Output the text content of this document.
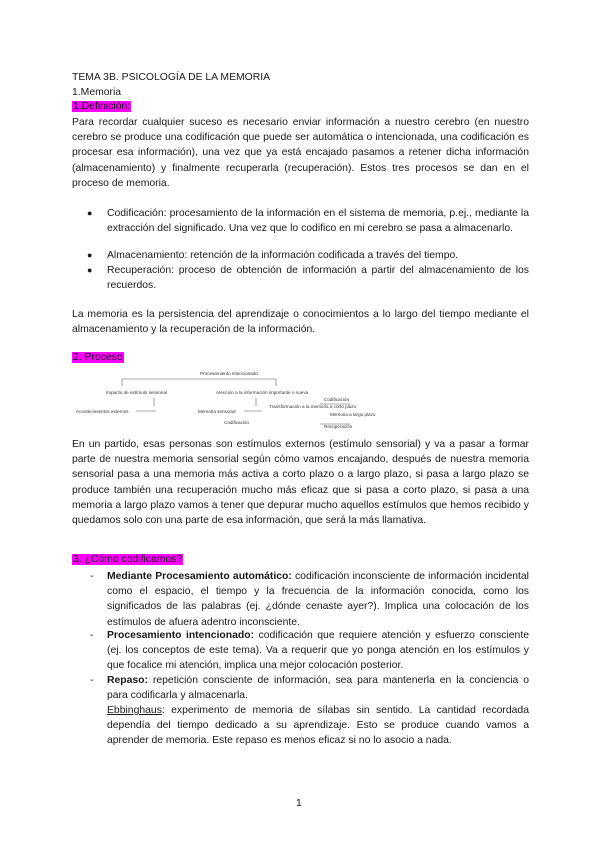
TEMA 3B. PSICOLOGÍA DE LA MEMORIA
1.Memoria
1.Definición:
Para recordar cualquier suceso es necesario enviar información a nuestro cerebro (en nuestro cerebro se produce una codificación que puede ser automática o intencionada, una codificación es procesar esa información), una vez que ya está encajado pasamos a retener dicha información (almacenamiento) y finalmente recuperarla (recuperación). Estos tres procesos se dan en el proceso de memoria.
● Codificación: procesamiento de la información en el sistema de memoria, p.ej., mediante la extracción del significado. Una vez que lo codifico en mi cerebro se pasa a almacenarlo.
● Almacenamiento: retención de la información codificada a través del tiempo.
● Recuperación: proceso de obtención de información a partir del almacenamiento de los recuerdos.
La memoria es la persistencia del aprendizaje o conocimientos a lo largo del tiempo mediante el almacenamiento y la recuperación de la información.
2. Proceso
Procesamiento intencionado
Impacto de estímulo sensorial	Atención a la información importante o nueva
Acontecimientos externos	Memoria sensorial
Transformación a la memoria a corto plazo
Codificación
Codificación
Memoria a largo plazo
Recuperación
En un partido, esas personas son estímulos externos (estímulo sensorial) y va a pasar a formar parte de nuestra memoria sensorial según cómo vamos encajando, después de nuestra memoria sensorial pasa a una memoria más activa a corto plazo o a largo plazo, si pasa a largo plazo se produce también una recuperación mucho más eficaz que si pasa a corto plazo, si pasa a una memoria a largo plazo vamos a tener que depurar mucho aquellos estímulos que hemos recibido y quedamos solo con una parte de esa información, que será la más llamativa.
3. ¿Cómo codificamos?
- Mediante Procesamiento automático: codificación inconsciente de información incidental como el espacio, el tiempo y la frecuencia de la información conocida, como los significados de las palabras (ej. ¿dónde cenaste ayer?). Implica una colocación de los estímulos de afuera adentro inconsciente.
- Procesamiento intencionado: codificación que requiere atención y esfuerzo consciente (ej. los conceptos de este tema). Va a requerir que yo ponga atención en los estímulos y que focalice mi atención, implica una mejor colocación posterior.
- Repaso: repetición consciente de información, sea para mantenerla en la conciencia o para codificarla y almacenarla.
Ebbinghaus: experimento de memoria de sílabas sin sentido. La cantidad recordada dependía del tiempo dedicado a su aprendizaje. Esto se produce cuando vamos a aprender de memoria. Este repaso es menos eficaz si no lo asocio a nada.
1
